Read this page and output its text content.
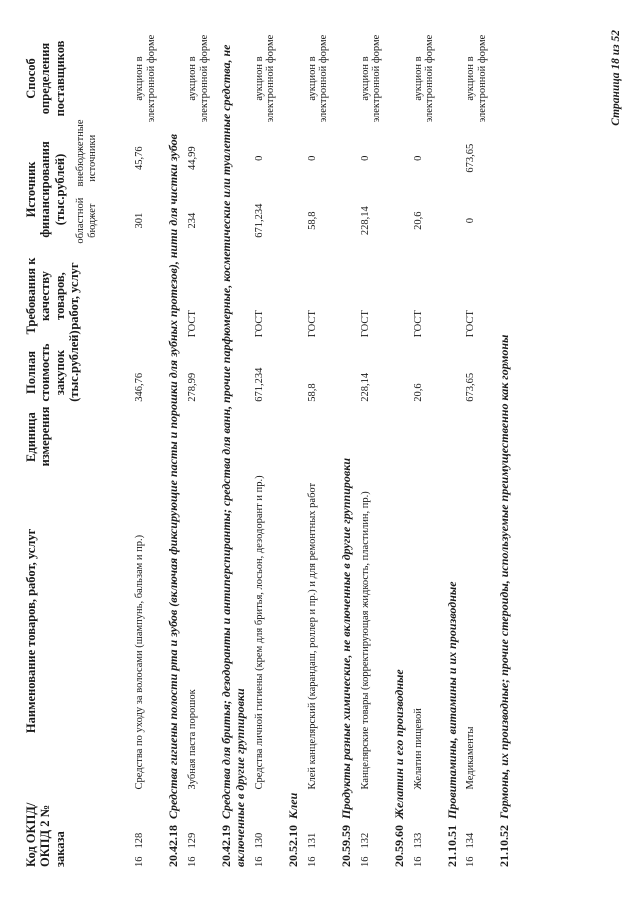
Код ОКПД/ ОКПД 2 № заказа	Наименование товаров, работ, услуг	Единица измерения	Полная стоимость закупок (тыс.рублей)	Требования к качеству товаров, работ, услуг	Источник финансирования (тыс.рублей)		Способ определения поставщиков
					областной бюджет	внебюджетные источники	

16128	Средства по уходу за волосами (шампунь, бальзам и пр.)		346,76		301	45,76	аукцион в электронной форме
20.42.18Средства гигиены полости рта и зубов (включая фиксирующие пасты и порошки для зубных протезов), нити для чистки зубов							
16129	Зубная паста порошок		278,99	ГОСТ	234	44,99	аукцион в электронной форме
20.42.19Средства для бритья; дезодоранты и антиперспиранты; средства для ванн, прочие парфюмерные, косметические или туалетные средства, не включенные в другие группировки							
16130	Средства личной гигиены (крем для бритья, лосьон, дезодорант и пр.)		671,234	ГОСТ	671,234	0	аукцион в электронной форме
20.52.10Клеи							
16131	Клей канцелярский (карандаш, роллер и пр.) и для ремонтных работ		58,8	ГОСТ	58,8	0	аукцион в электронной форме
20.59.59Продукты разные химические, не включенные в другие группировки							
16132	Канцелярские товары (корректирующая жидкость, пластилин, пр.)		228,14	ГОСТ	228,14	0	аукцион в электронной форме
20.59.60Желатин и его производные							
16133	Желатин пищевой		20,6	ГОСТ	20,6	0	аукцион в электронной форме
21.10.51Провитамины, витамины и их производные							
16134	Медикаменты		673,65	ГОСТ	0	673,65	аукцион в электронной форме
21.10.52Гормоны, их производные; прочие стероиды, используемые преимущественно как гормоны							
Страница 18 из 52
